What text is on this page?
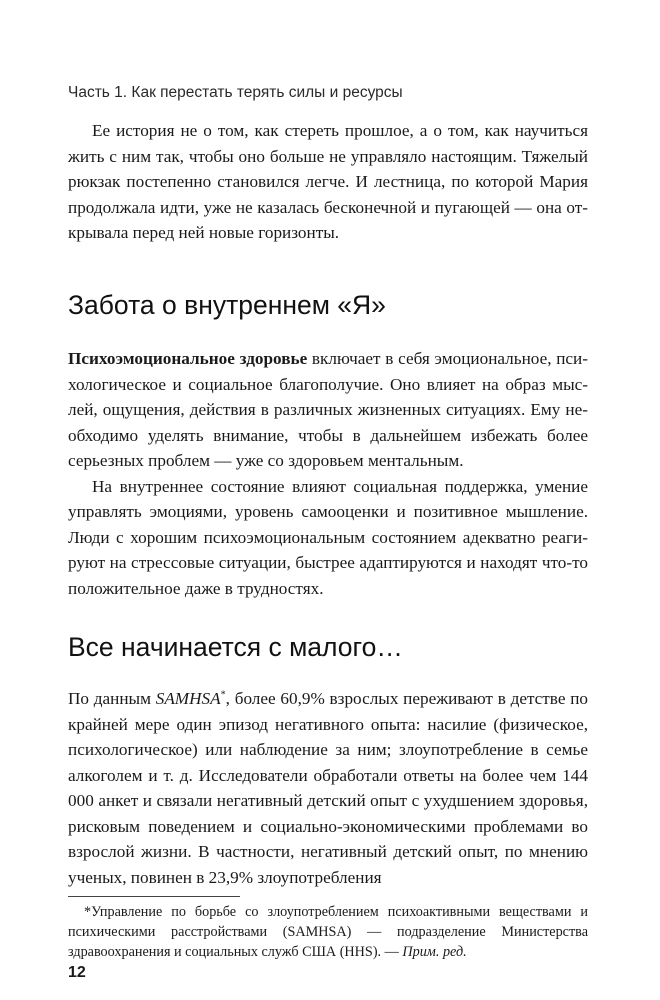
Часть 1. Как перестать терять силы и ресурсы

Ее история не о том, как стереть прошлое, а о том, как научиться жить с ним так, чтобы оно больше не управляло настоящим. Тяжелый рюкзак постепенно становился легче. И лестница, по которой Мария продолжала идти, уже не казалась бесконечной и пугающей — она открывала перед ней новые горизонты.

Забота о внутреннем «Я»

Психоэмоциональное здоровье включает в себя эмоциональное, психологическое и социальное благополучие. Оно влияет на образ мыслей, ощущения, действия в различных жизненных ситуациях. Ему необходимо уделять внимание, чтобы в дальнейшем избежать более серьезных проблем — уже со здоровьем ментальным.

На внутреннее состояние влияют социальная поддержка, умение управлять эмоциями, уровень самооценки и позитивное мышление. Люди с хорошим психоэмоциональным состоянием адекватно реагируют на стрессовые ситуации, быстрее адаптируются и находят что-то положительное даже в трудностях.

Все начинается с малого…

По данным SAMHSA*, более 60,9% взрослых переживают в детстве по крайней мере один эпизод негативного опыта: насилие (физическое, психологическое) или наблюдение за ним; злоупотребление в семье алкоголем и т. д. Исследователи обработали ответы на более чем 144 000 анкет и связали негативный детский опыт с ухудшением здоровья, рисковым поведением и социально-экономическими проблемами во взрослой жизни. В частности, негативный детский опыт, по мнению ученых, повинен в 23,9% злоупотребления

*Управление по борьбе со злоупотреблением психоактивными веществами и психическими расстройствами (SAMHSA) — подразделение Министерства здравоохранения и социальных служб США (HHS). — Прим. ред.

12
